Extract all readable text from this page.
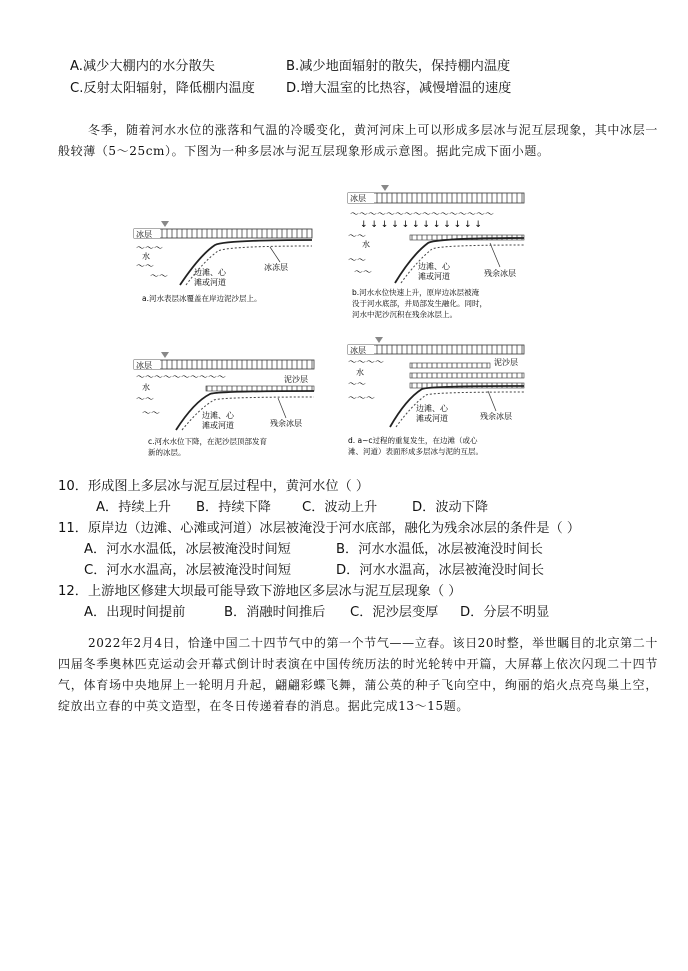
A.减少大棚内的水分散失	B.减少地面辐射的散失，保持棚内温度
C.反射太阳辐射，降低棚内温度 D.增大温室的比热容，减慢增温的速度
冬季，随着河水水位的涨落和气温的冷暖变化，黄河河床上可以形成多层冰与泥互层现象，其中冰层一般较薄（5～25cm）。下图为一种多层冰与泥互层现象形成示意图。据此完成下面小题。
冰层
水
～～～
～～
～～	边滩、心
滩或河道
冰冻层
a.河水表层冰覆盖在岸边泥沙层上。
冰层
～～～～～～～～～～～～～～～～
↓ ↓ ↓ ↓ ↓ ↓ ↓ ↓ ↓ ↓ ↓ ↓
水
～～
～～
～～
边滩、心
滩或河道	残余冰层
b.河水水位快速上升，原岸边冰层被淹
没于河水底部，并局部发生融化。同时，
河水中泥沙沉积在残余冰层上。
冰层
泥沙层
水
～～～～～～～～～～
～～
～～	边滩、心
滩或河道	残余冰层
c.河水水位下降，在泥沙层顶部发育
新的冰层。
冰层
泥沙层
水
～～～～
～～
～～～
边滩、心
滩或河道	残余冰层
d. a~c过程的重复发生，在边滩（或心
滩、河道）表面形成多层冰与泥的互层。
10．形成图上多层冰与泥互层过程中，黄河水位（ ）
A．持续上升 B．持续下降 C．波动上升	D．波动下降
11．原岸边（边滩、心滩或河道）冰层被淹没于河水底部，融化为残余冰层的条件是（ ）
A．河水水温低，冰层被淹没时间短	B．河水水温低，冰层被淹没时间长
C．河水水温高，冰层被淹没时间短	D．河水水温高，冰层被淹没时间长
12．上游地区修建大坝最可能导致下游地区多层冰与泥互层现象（ ）
A．出现时间提前	B．消融时间推后 C．泥沙层变厚 D．分层不明显
2022年2月4日，恰逢中国二十四节气中的第一个节气——立春。该日20时整，举世瞩目的北京第二十四届冬季奥林匹克运动会开幕式倒计时表演在中国传统历法的时光轮转中开篇，大屏幕上依次闪现二十四节气，体育场中央地屏上一轮明月升起，翩翩彩蝶飞舞，蒲公英的种子飞向空中，绚丽的焰火点亮鸟巢上空，绽放出立春的中英文造型，在冬日传递着春的消息。据此完成13～15题。
